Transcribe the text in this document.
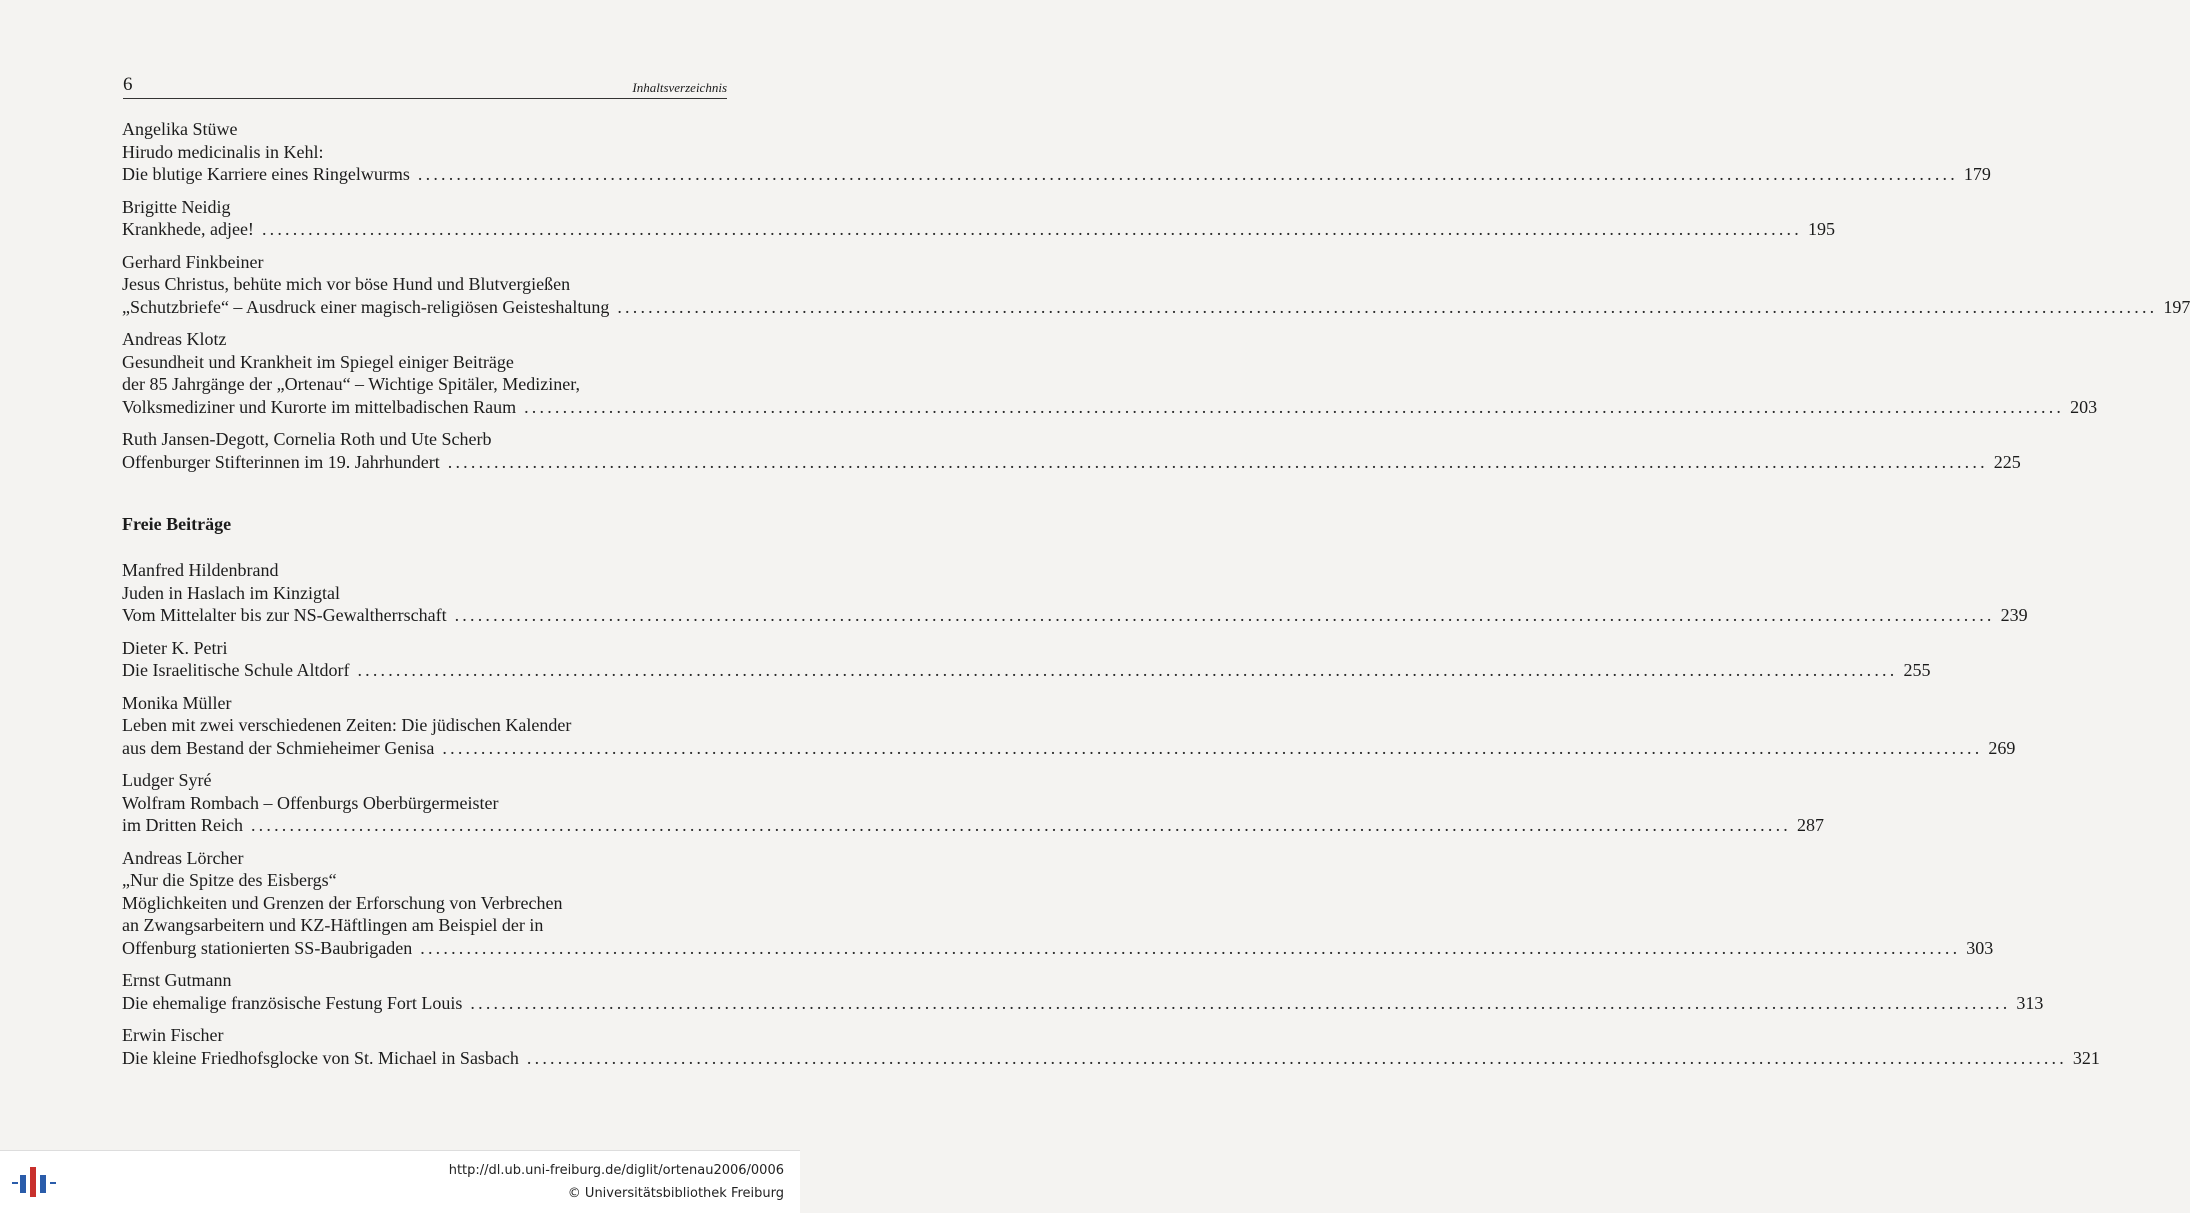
6	Inhaltsverzeichnis
Angelika Stüwe
Hirudo medicinalis in Kehl:
Die blutige Karriere eines Ringelwurms ........................................................................................................................................................................................................ 179
Brigitte Neidig
Krankhede, adjee! ........................................................................................................................................................................................................ 195
Gerhard Finkbeiner
Jesus Christus, behüte mich vor böse Hund und Blutvergießen
„Schutzbriefe“ – Ausdruck einer magisch-religiösen Geisteshaltung ........................................................................................................................................................................................................ 197
Andreas Klotz
Gesundheit und Krankheit im Spiegel einiger Beiträge
der 85 Jahrgänge der „Ortenau“ – Wichtige Spitäler, Mediziner,
Volksmediziner und Kurorte im mittelbadischen Raum ........................................................................................................................................................................................................ 203
Ruth Jansen-Degott, Cornelia Roth und Ute Scherb
Offenburger Stifterinnen im 19. Jahrhundert ........................................................................................................................................................................................................ 225
Manfred Hildenbrand
Juden in Haslach im Kinzigtal
Vom Mittelalter bis zur NS-Gewaltherrschaft ........................................................................................................................................................................................................ 239
Dieter K. Petri
Die Israelitische Schule Altdorf ........................................................................................................................................................................................................ 255
Monika Müller
Leben mit zwei verschiedenen Zeiten: Die jüdischen Kalender
aus dem Bestand der Schmieheimer Genisa ........................................................................................................................................................................................................ 269
Ludger Syré
Wolfram Rombach – Offenburgs Oberbürgermeister
im Dritten Reich ........................................................................................................................................................................................................ 287
Andreas Lörcher
„Nur die Spitze des Eisbergs“
Möglichkeiten und Grenzen der Erforschung von Verbrechen
an Zwangsarbeitern und KZ-Häftlingen am Beispiel der in
Offenburg stationierten SS-Baubrigaden ........................................................................................................................................................................................................ 303
Ernst Gutmann
Die ehemalige französische Festung Fort Louis ........................................................................................................................................................................................................ 313
Erwin Fischer
Die kleine Friedhofsglocke von St. Michael in Sasbach ........................................................................................................................................................................................................ 321
Freie Beiträge
http://dl.ub.uni-freiburg.de/diglit/ortenau2006/0006
© Universitätsbibliothek Freiburg
